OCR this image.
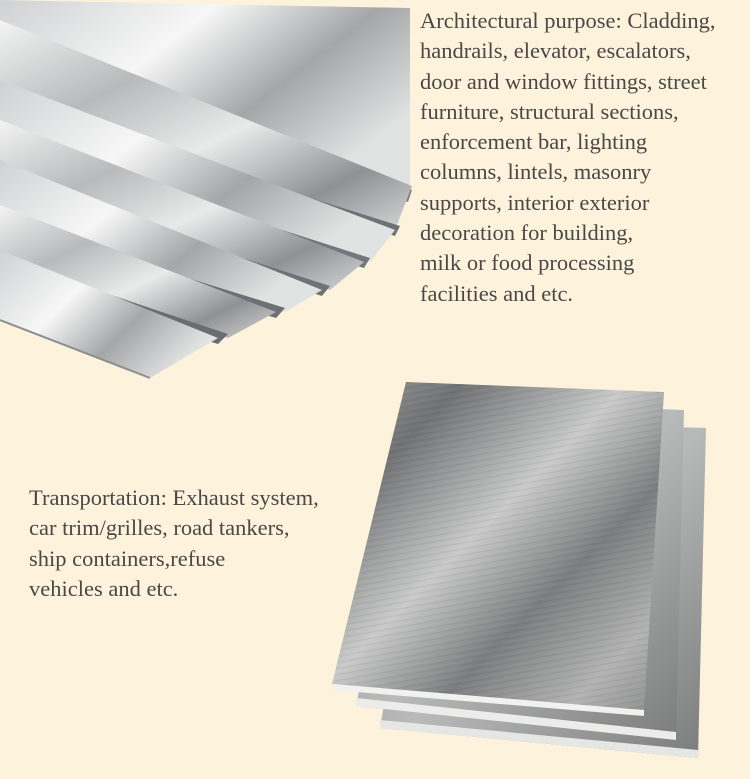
Architectural purpose: Cladding,
handrails, elevator, escalators,
door and window fittings, street
furniture, structural sections,
enforcement bar, lighting
columns, lintels, masonry
supports, interior exterior
decoration for building,
milk or food processing
facilities and etc.
Transportation: Exhaust system,
car trim/grilles, road tankers,
ship containers,refuse
vehicles and etc.
